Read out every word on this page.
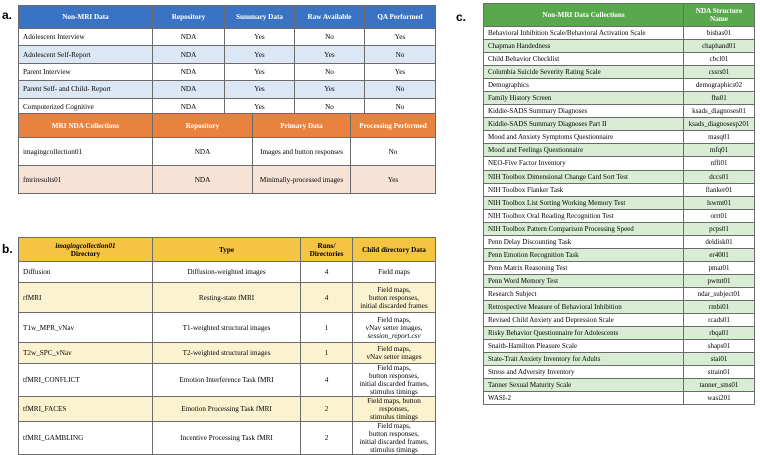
a.
b.
c.
Non-MRI Data	Repository	Summary Data	Raw Available	QA Performed
Adolescent Interview	NDA	Yes	No	Yes
Adolescent Self-Report	NDA	Yes	Yes	No
Parent Interview	NDA	Yes	No	Yes
Parent Self- and Child- Report	NDA	Yes	Yes	No
Computerized Cognitive	NDA	Yes	No	No
MRI NDA Collections	Repository	Primary Data	Processing Performed
imagingcollection01	NDA	Images and button responses	No
fmriresults01	NDA	Minimally-processed images	Yes
imagingcollection01
Directory	Type	Runs/ Directories	Child directory Data
Diffusion	Diffusion-weighted images	4	Field maps

rfMRI	Resting-state fMRI	4	Field maps,
button responses,
initial discarded frames

T1w_MPR_vNav	T1-weighted structural images	1	Field maps,
vNav setter images,
session_report.csv

T2w_SPC_vNav	T2-weighted structural images	1	Field maps,
vNav setter images

tfMRI_CONFLICT	Emotion Interference Task fMRI	4	Field maps,
button responses,
initial discarded frames,
stimulus timings

tfMRI_FACES	Emotion Processing Task fMRI	2	Field maps, button responses,
stimulus timings

tfMRI_GAMBLING	Incentive Processing Task fMRI	2	Field maps,
button responses,
initial discarded frames,
stimulus timings
Non-MRI Data Collections	NDA Structure Name
Behavioral Inhibition Scale/Behavioral Activation Scale	bisbas01
Chapman Handedness	chaphand01
Child Behavior Checklist	cbcl01
Columbia Suicide Severity Rating Scale	cssrs01
Demographics	demographics02
Family History Screen	fhs01
Kiddie-SADS Summary Diagnoses	ksads_diagnoses01
Kiddie-SADS Summary Diagnoses Part II	ksads_diagnosesp201
Mood and Anxiety Symptoms Questionnaire	masq01
Mood and Feelings Questionnaire	mfq01
NEO-Five Factor Inventory	nffi01
NIH Toolbox Dimensional Change Card Sort Test	dccs01
NIH Toolbox Flanker Task	flanker01
NIH Toolbox List Sorting Working Memory Test	lswmt01
NIH Toolbox Oral Reading Recognition Test	orrt01
NIH Toolbox Pattern Comparison Processing Speed	pcps01
Penn Delay Discounting Task	deldisk01
Penn Emotion Recognition Task	er4001
Penn Matrix Reasoning Test	pmat01
Penn Word Memory Test	pwmt01
Research Subject	ndar_subject01
Retrospective Measure of Behavioral Inhibition	rmbi01
Revised Child Anxiety and Depression Scale	rcads01
Risky Behavior Questionnaire for Adolescents	rbqa01
Snaith-Hamilton Pleasure Scale	shaps01
State-Trait Anxiety Inventory for Adults	stai01
Stress and Adversity Inventory	strain01
Tanner Sexual Maturity Scale	tanner_sms01
WASI-2	wasi201
